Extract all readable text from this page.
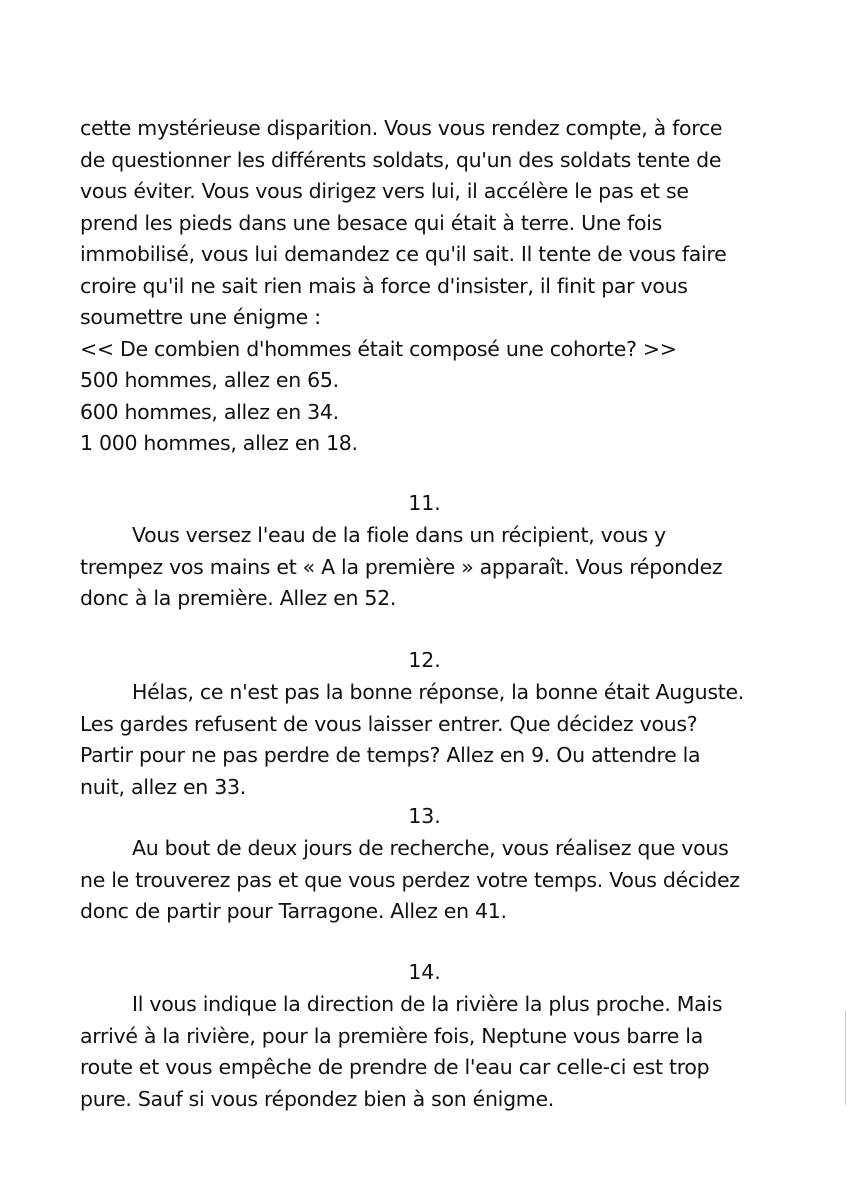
cette mystérieuse disparition. Vous vous rendez compte, à force
de questionner les différents soldats, qu'un des soldats tente de
vous éviter. Vous vous dirigez vers lui, il accélère le pas et se
prend les pieds dans une besace qui était à terre. Une fois
immobilisé, vous lui demandez ce qu'il sait. Il tente de vous faire
croire qu'il ne sait rien mais à force d'insister, il finit par vous
soumettre une énigme :
<< De combien d'hommes était composé une cohorte? >>
500 hommes, allez en 65.
600 hommes, allez en 34.
1 000 hommes, allez en 18.
11.
Vous versez l'eau de la fiole dans un récipient, vous y
trempez vos mains et « A la première » apparaît. Vous répondez
donc à la première. Allez en 52.
12.
Hélas, ce n'est pas la bonne réponse, la bonne était Auguste.
Les gardes refusent de vous laisser entrer. Que décidez vous?
Partir pour ne pas perdre de temps? Allez en 9. Ou attendre la
nuit, allez en 33.
13.
Au bout de deux jours de recherche, vous réalisez que vous
ne le trouverez pas et que vous perdez votre temps. Vous décidez
donc de partir pour Tarragone. Allez en 41.
14.
Il vous indique la direction de la rivière la plus proche. Mais
arrivé à la rivière, pour la première fois, Neptune vous barre la
route et vous empêche de prendre de l'eau car celle-ci est trop
pure. Sauf si vous répondez bien à son énigme.
